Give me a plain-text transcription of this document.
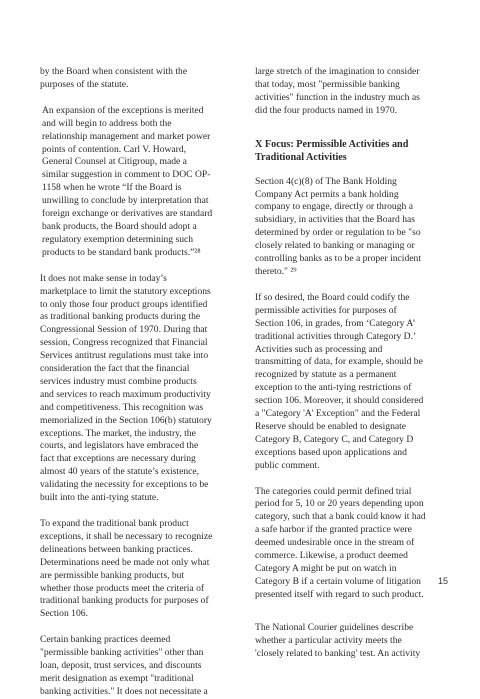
by the Board when consistent with the
purposes of the statute.

An expansion of the exceptions is merited
and will begin to address both the
relationship management and market power
points of contention. Carl V. Howard,
General Counsel at Citigroup, made a
similar suggestion in comment to DOC OP-
1158 when he wrote “If the Board is
unwilling to conclude by interpretation that
foreign exchange or derivatives are standard
bank products, the Board should adopt a
regulatory exemption determining such
products to be standard bank products.”²⁸

It does not make sense in today’s
marketplace to limit the statutory exceptions
to only those four product groups identified
as traditional banking products during the
Congressional Session of 1970. During that
session, Congress recognized that Financial
Services antitrust regulations must take into
consideration the fact that the financial
services industry must combine products
and services to reach maximum productivity
and competitiveness. This recognition was
memorialized in the Section 106(b) statutory
exceptions. The market, the industry, the
courts, and legislators have embraced the
fact that exceptions are necessary during
almost 40 years of the statute’s existence,
validating the necessity for exceptions to be
built into the anti-tying statute.

To expand the traditional bank product
exceptions, it shall be necessary to recognize
delineations between banking practices.
Determinations need be made not only what
are permissible banking products, but
whether those products meet the criteria of
traditional banking products for purposes of
Section 106.

Certain banking practices deemed
"permissible banking activities" other than
loan, deposit, trust services, and discounts
merit designation as exempt "traditional
banking activities." It does not necessitate a

large stretch of the imagination to consider
that today, most "permissible banking
activities" function in the industry much as
did the four products named in 1970.

X Focus: Permissible Activities and
Traditional Activities

Section 4(c)(8) of The Bank Holding
Company Act permits a bank holding
company to engage, directly or through a
subsidiary, in activities that the Board has
determined by order or regulation to be "so
closely related to banking or managing or
controlling banks as to be a proper incident
thereto." ²⁹

If so desired, the Board could codify the
permissible activities for purposes of
Section 106, in grades, from ‘Category A’
traditional activities through Category D.’
Activities such as processing and
transmitting of data, for example, should be
recognized by statute as a permanent
exception to the anti-tying restrictions of
section 106. Moreover, it should considered
a "Category 'A' Exception" and the Federal
Reserve should be enabled to designate
Category B, Category C, and Category D
exceptions based upon applications and
public comment.

The categories could permit defined trial
period for 5, 10 or 20 years depending upon
category, such that a bank could know it had
a safe harbor if the granted practice were
deemed undesirable once in the stream of
commerce. Likewise, a product deemed
Category A might be put on watch in
Category B if a certain volume of litigation
presented itself with regard to such product.

The National Courier guidelines describe
whether a particular activity meets the
'closely related to banking' test. An activity

15
